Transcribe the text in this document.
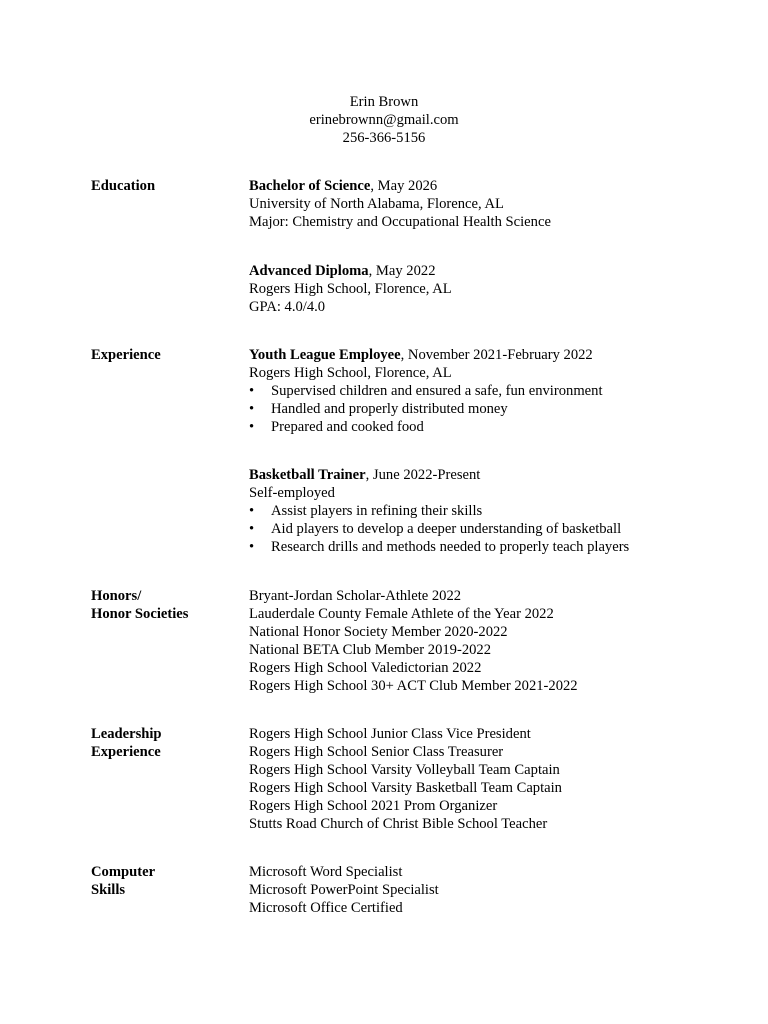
Erin Brown
erinebrownn@gmail.com
256-366-5156
Education	Bachelor of Science, May 2026
University of North Alabama, Florence, AL
Major: Chemistry and Occupational Health Science
Advanced Diploma, May 2022
Rogers High School, Florence, AL
GPA: 4.0/4.0
Experience	Youth League Employee, November 2021-February 2022
Rogers High School, Florence, AL
• Supervised children and ensured a safe, fun environment
• Handled and properly distributed money
• Prepared and cooked food
Basketball Trainer, June 2022-Present
Self-employed
• Assist players in refining their skills
• Aid players to develop a deeper understanding of basketball
• Research drills and methods needed to properly teach players
Honors/
Honor Societies
Bryant-Jordan Scholar-Athlete 2022
Lauderdale County Female Athlete of the Year 2022
National Honor Society Member 2020-2022
National BETA Club Member 2019-2022
Rogers High School Valedictorian 2022
Rogers High School 30+ ACT Club Member 2021-2022
Leadership
Experience
Rogers High School Junior Class Vice President
Rogers High School Senior Class Treasurer
Rogers High School Varsity Volleyball Team Captain
Rogers High School Varsity Basketball Team Captain
Rogers High School 2021 Prom Organizer
Stutts Road Church of Christ Bible School Teacher
Computer
Skills
Microsoft Word Specialist
Microsoft PowerPoint Specialist
Microsoft Office Certified
